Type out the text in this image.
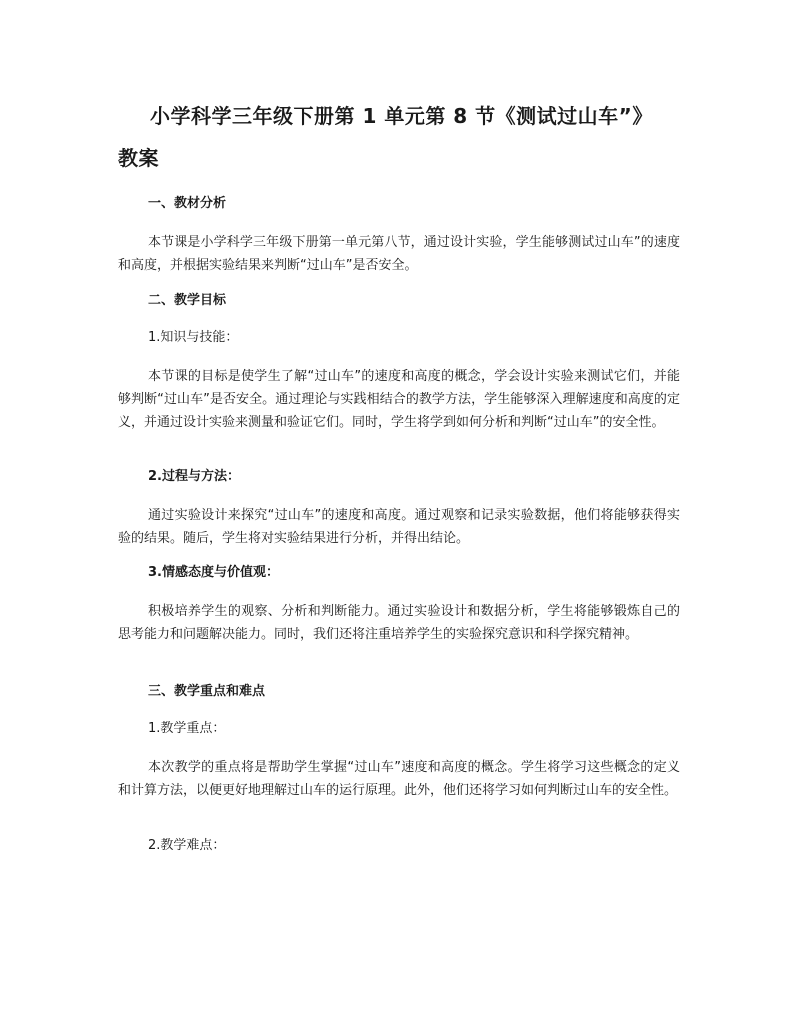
小学科学三年级下册第 1 单元第 8 节《测试过山车”》
教案
一、教材分析

本节课是小学科学三年级下册第一单元第八节，通过设计实验，学生能够测试过山车”的速度和高度，并根据实验结果来判断“过山车”是否安全。

二、教学目标

1.知识与技能：

本节课的目标是使学生了解“过山车”的速度和高度的概念，学会设计实验来测试它们，并能够判断“过山车”是否安全。通过理论与实践相结合的教学方法，学生能够深入理解速度和高度的定义，并通过设计实验来测量和验证它们。同时，学生将学到如何分析和判断“过山车”的安全性。

2.过程与方法：

通过实验设计来探究“过山车”的速度和高度。通过观察和记录实验数据，他们将能够获得实验的结果。随后，学生将对实验结果进行分析，并得出结论。

3.情感态度与价值观：

积极培养学生的观察、分析和判断能力。通过实验设计和数据分析，学生将能够锻炼自己的思考能力和问题解决能力。同时，我们还将注重培养学生的实验探究意识和科学探究精神。

三、教学重点和难点

1.教学重点：

本次教学的重点将是帮助学生掌握“过山车”速度和高度的概念。学生将学习这些概念的定义和计算方法，以便更好地理解过山车的运行原理。此外，他们还将学习如何判断过山车的安全性。

2.教学难点：
